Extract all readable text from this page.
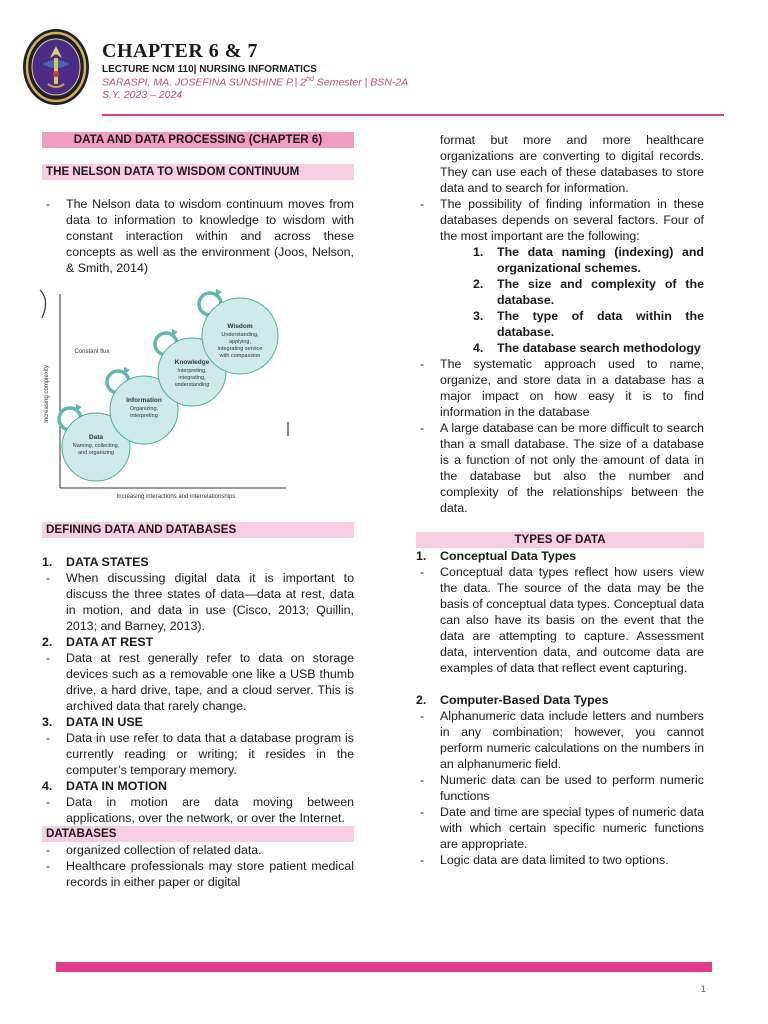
CHAPTER 6 & 7
LECTURE NCM 110| NURSING INFORMATICS
SARASPI, MA. JOSEFINA SUNSHINE P.| 2nd Semester | BSN-2A
S.Y. 2023 – 2024
DATA AND DATA PROCESSING (CHAPTER 6)
THE NELSON DATA TO WISDOM CONTINUUM
-	The Nelson data to wisdom continuum moves from data to information to knowledge to wisdom with constant interaction within and across these concepts as well as the environment (Joos, Nelson, & Smith, 2014)
Increasing complexity
Increasing interactions and interrelationships
Constant flux
Data
Naming, collecting,
and organizing
Information
Organizing,
interpreting
Knowledge
Interpreting,
integrating,
understanding
Wisdom
Understanding,
applying,
integrating service
with compassion
DEFINING DATA AND DATABASES
1.	DATA STATES
-	When discussing digital data it is important to discuss the three states of data—data at rest, data in motion, and data in use (Cisco, 2013; Quillin, 2013; and Barney, 2013).
2.	DATA AT REST
-	Data at rest generally refer to data on storage devices such as a removable one like a USB thumb drive, a hard drive, tape, and a cloud server. This is archived data that rarely change.
3.	DATA IN USE
-	Data in use refer to data that a database program is currently reading or writing; it resides in the computer’s temporary memory.
4.	DATA IN MOTION
-	Data in motion are data moving between applications, over the network, or over the Internet.
DATABASES
-	organized collection of related data.
-	Healthcare professionals may store patient medical records in either paper or digital
format but more and more healthcare organizations are converting to digital records. They can use each of these databases to store data and to search for information.
-	The possibility of finding information in these databases depends on several factors. Four of the most important are the following:
1.	The data naming (indexing) and organizational schemes.
2.	The size and complexity of the database.
3.	The type of data within the database.
4.	The database search methodology
-	The systematic approach used to name, organize, and store data in a database has a major impact on how easy it is to find information in the database
-	A large database can be more difficult to search than a small database. The size of a database is a function of not only the amount of data in the database but also the number and complexity of the relationships between the data.
TYPES OF DATA
1.	Conceptual Data Types
-	Conceptual data types reflect how users view the data. The source of the data may be the basis of conceptual data types. Conceptual data can also have its basis on the event that the data are attempting to capture. Assessment data, intervention data, and outcome data are examples of data that reflect event capturing.
2.	Computer-Based Data Types
-	Alphanumeric data include letters and numbers in any combination; however, you cannot perform numeric calculations on the numbers in an alphanumeric field.
-	Numeric data can be used to perform numeric functions
-	Date and time are special types of numeric data with which certain specific numeric functions are appropriate.
-	Logic data are data limited to two options.
1
